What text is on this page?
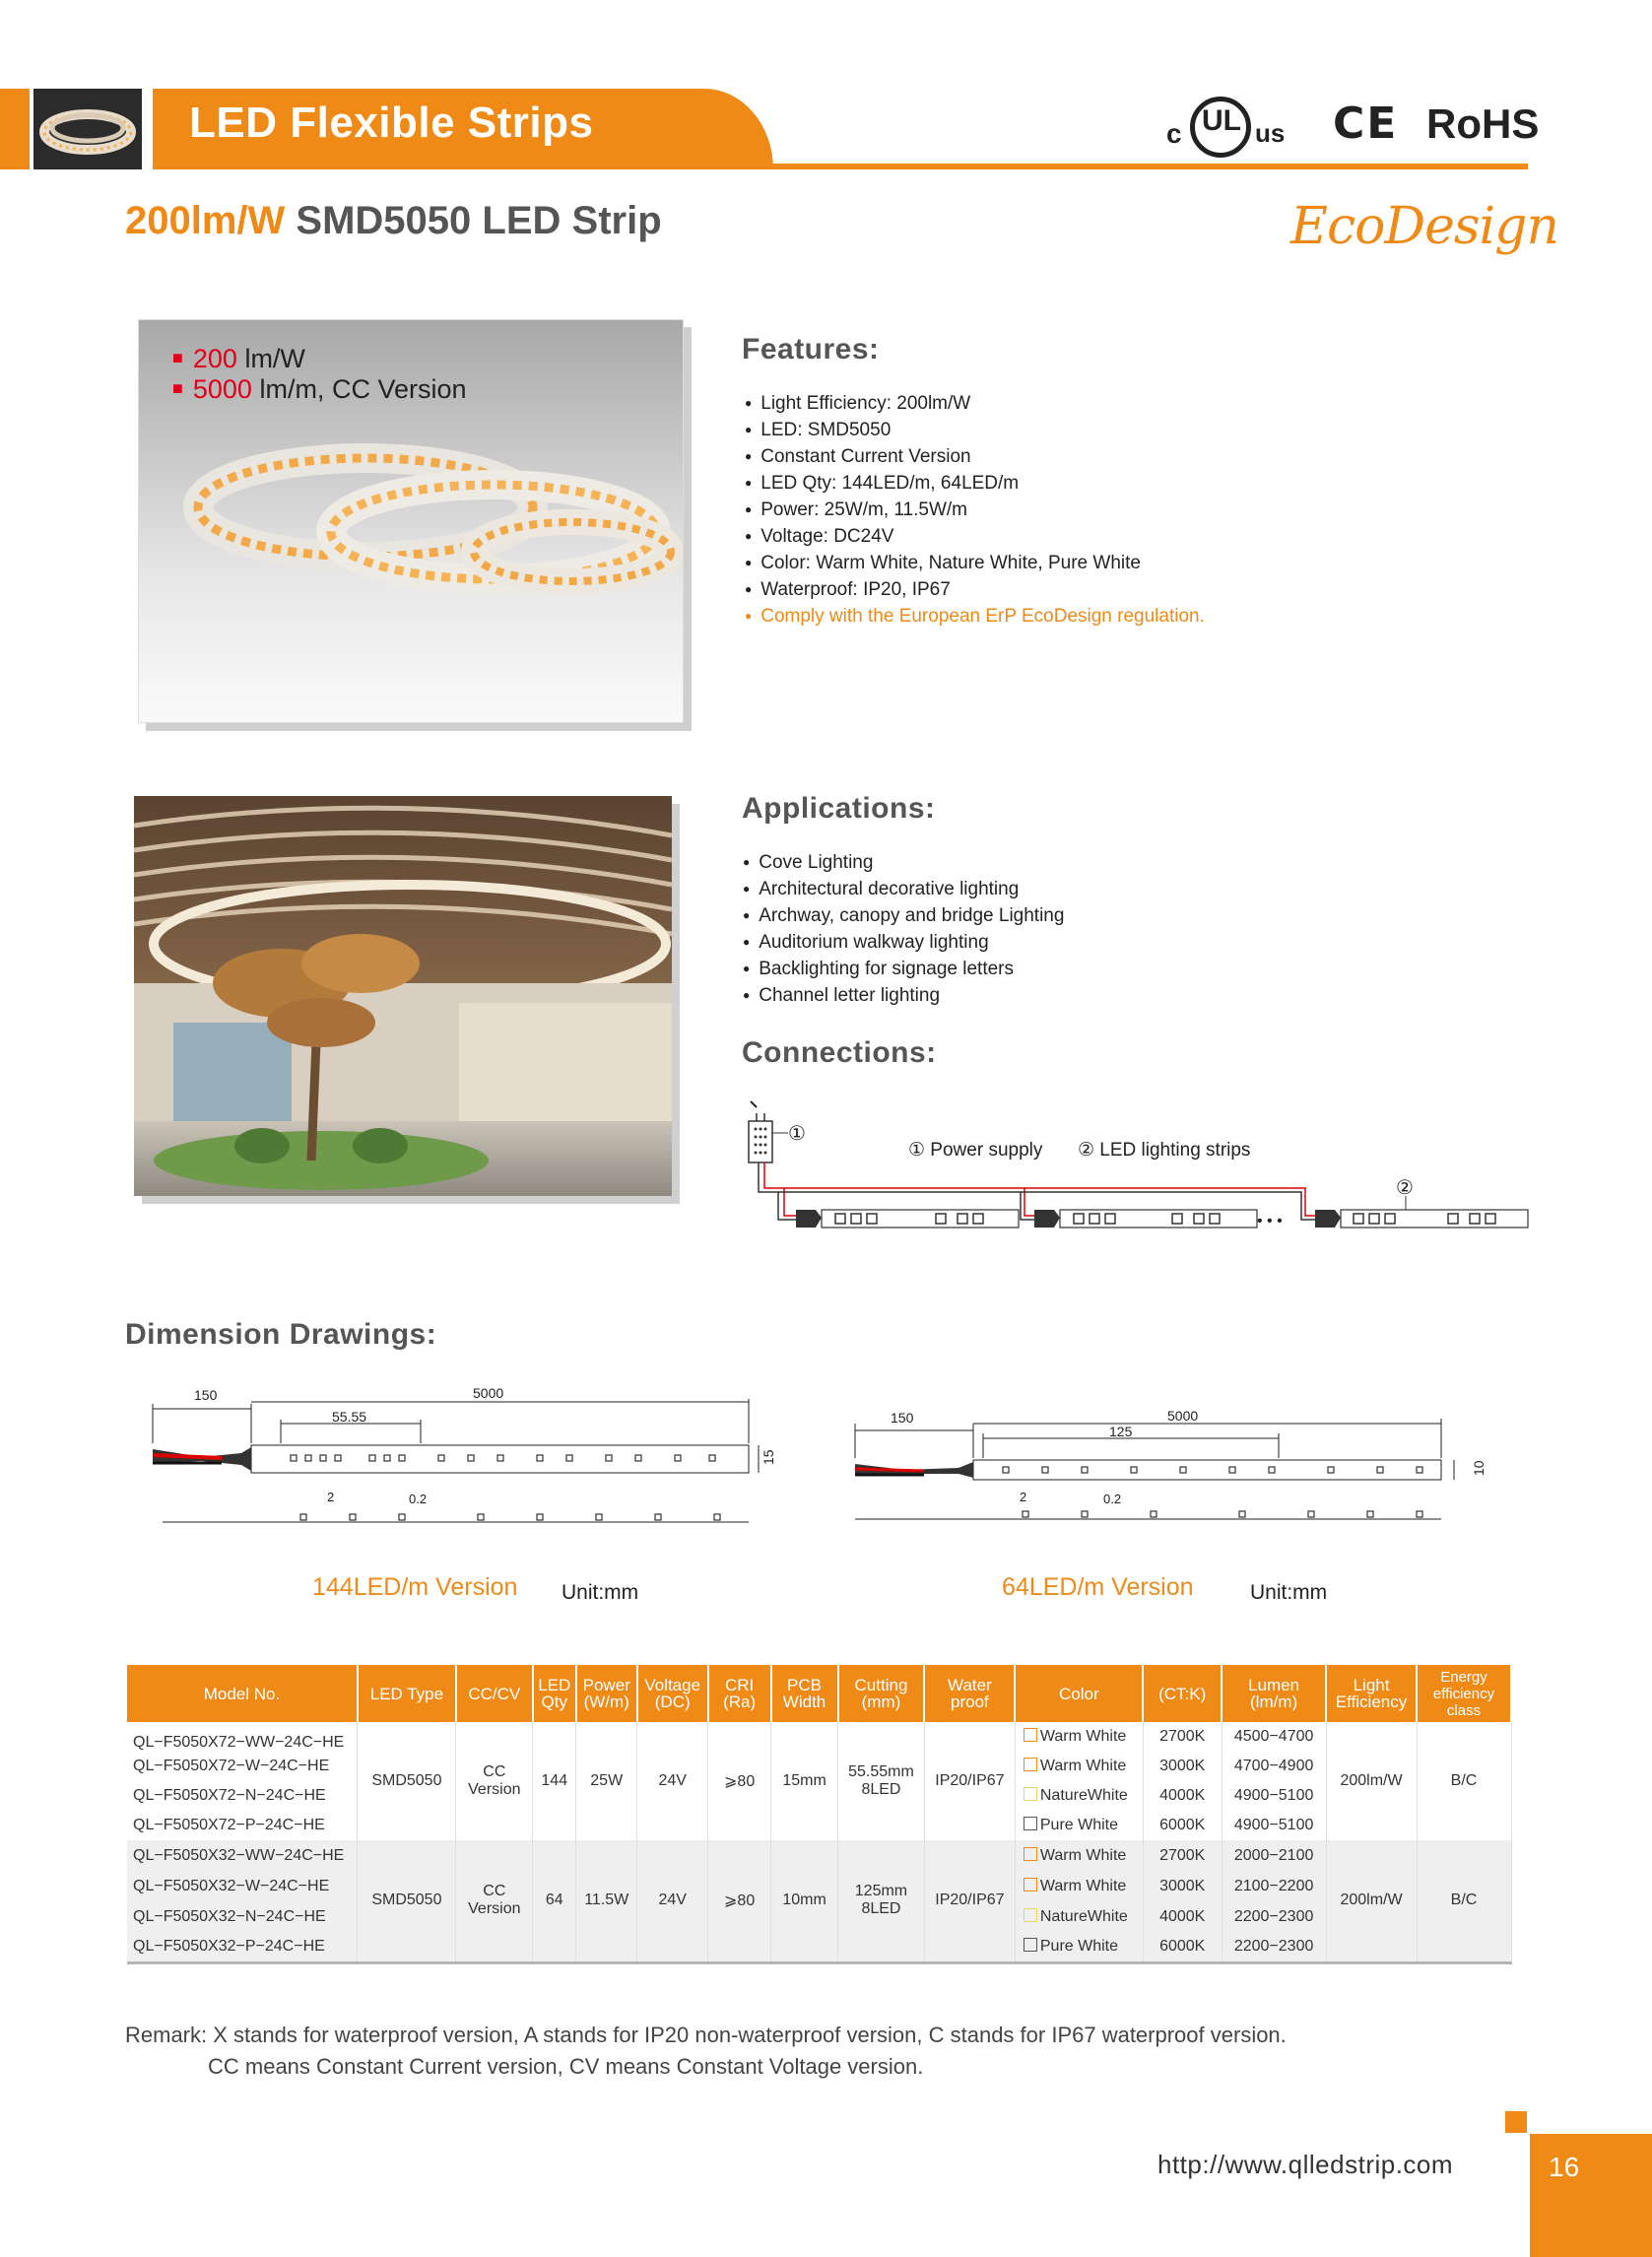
LED Flexible Strips	c UL us CE RoHS
200lm/W SMD5050 LED Strip	EcoDesign
■ 200 lm/W
■ 5000 lm/m, CC Version
Features:
● Light Efficiency: 200lm/W
● LED: SMD5050
● Constant Current Version
● LED Qty: 144LED/m, 64LED/m
● Power: 25W/m, 11.5W/m
● Voltage: DC24V
● Color: Warm White, Nature White, Pure White
● Waterproof: IP20, IP67
● Comply with the European ErP EcoDesign regulation.
Applications:
● Cove Lighting
● Architectural decorative lighting
● Archway, canopy and bridge Lighting
● Auditorium walkway lighting
● Backlighting for signage letters
● Channel letter lighting
Connections:
①
① Power supply ② LED lighting strips
• • •
②
Dimension Drawings:
150	5000
55.55
15
2	0.2
144LED/m Version Unit:mm
150	5000
125
10
2	0.2
64LED/m Version	Unit:mm
Model No.	LED Type	CC/CV	LED Qty	Power (W/m)	Voltage (DC)	CRI (Ra)	PCB Width	Cutting (mm)	Water proof	Color	(CT:K)	Lumen (lm/m)	Light Efficiency	Energy efficiency class
QL−F5050X72−WW−24C−HE	SMD5050	CC Version	144	25W	24V	⩾80	15mm	55.55mm 8LED	IP20/IP67	Warm White	2700K	4500−4700	200lm/W	B/C
QL−F5050X72−W−24C−HE										Warm White	3000K	4700−4900		
QL−F5050X72−N−24C−HE										NatureWhite	4000K	4900−5100		
QL−F5050X72−P−24C−HE										Pure White	6000K	4900−5100		
QL−F5050X32−WW−24C−HE	SMD5050	CC Version	64	11.5W	24V	⩾80	10mm	125mm 8LED	IP20/IP67	Warm White	2700K	2000−2100	200lm/W	B/C
QL−F5050X32−W−24C−HE										Warm White	3000K	2100−2200		
QL−F5050X32−N−24C−HE										NatureWhite	4000K	2200−2300		
QL−F5050X32−P−24C−HE										Pure White	6000K	2200−2300		
Remark: X stands for waterproof version, A stands for IP20 non-waterproof version, C stands for IP67 waterproof version.
CC means Constant Current version, CV means Constant Voltage version.
http://www.qlledstrip.com	16
